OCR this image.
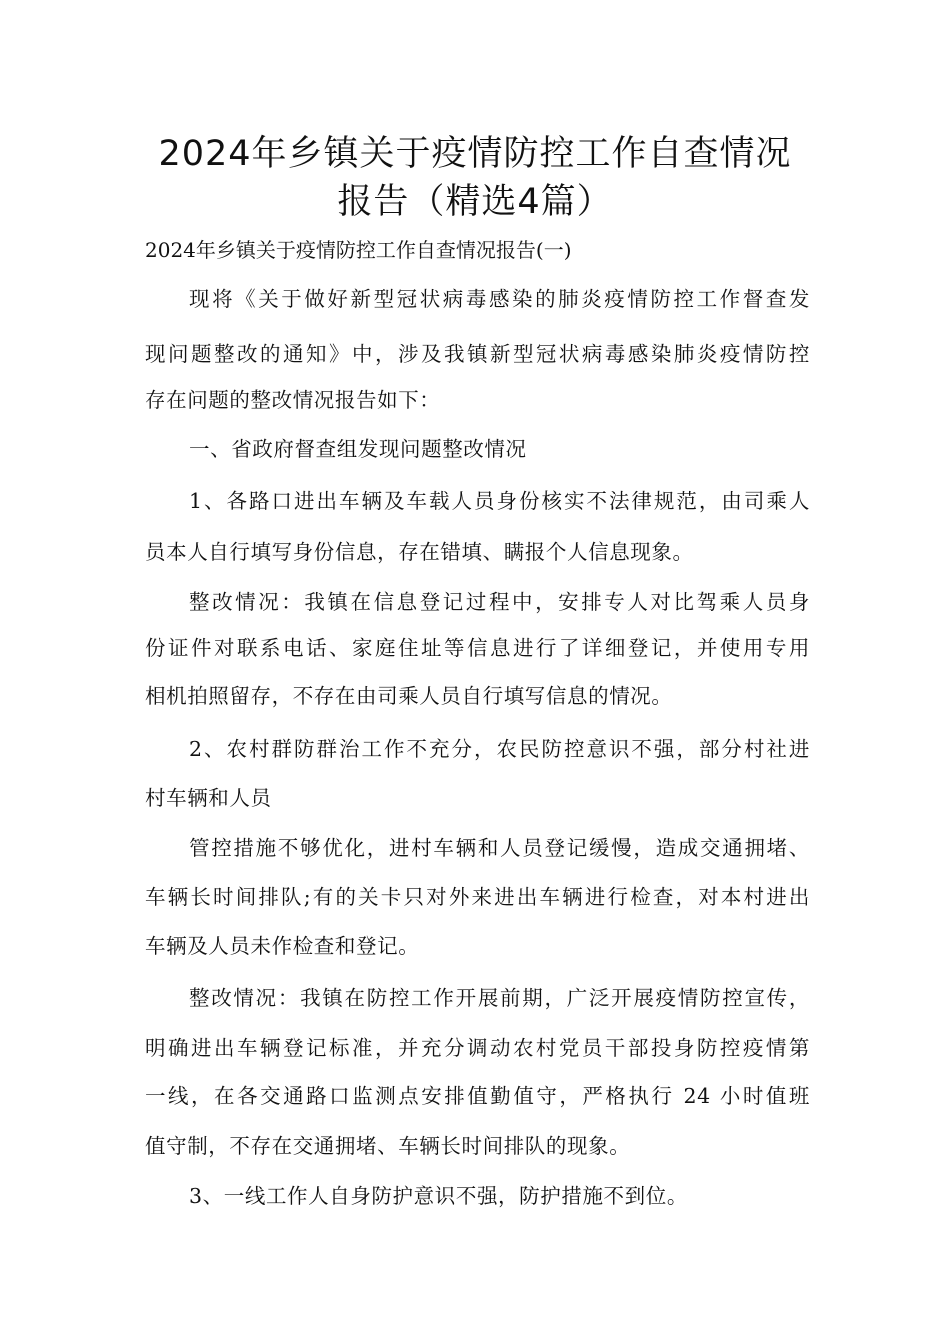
2024年乡镇关于疫情防控工作自查情况
报告（精选4篇）
2024年乡镇关于疫情防控工作自查情况报告(一)
现将《关于做好新型冠状病毒感染的肺炎疫情防控工作督查发
现问题整改的通知》中，涉及我镇新型冠状病毒感染肺炎疫情防控
存在问题的整改情况报告如下：
一、省政府督查组发现问题整改情况
1、各路口进出车辆及车载人员身份核实不法律规范，由司乘人
员本人自行填写身份信息，存在错填、瞒报个人信息现象。
整改情况：我镇在信息登记过程中，安排专人对比驾乘人员身
份证件对联系电话、家庭住址等信息进行了详细登记，并使用专用
相机拍照留存，不存在由司乘人员自行填写信息的情况。
2、农村群防群治工作不充分，农民防控意识不强，部分村社进
村车辆和人员
管控措施不够优化，进村车辆和人员登记缓慢，造成交通拥堵、
车辆长时间排队;有的关卡只对外来进出车辆进行检查，对本村进出
车辆及人员未作检查和登记。
整改情况：我镇在防控工作开展前期，广泛开展疫情防控宣传，
明确进出车辆登记标准，并充分调动农村党员干部投身防控疫情第
一线，在各交通路口监测点安排值勤值守，严格执行 24 小时值班
值守制，不存在交通拥堵、车辆长时间排队的现象。
3、一线工作人自身防护意识不强，防护措施不到位。
